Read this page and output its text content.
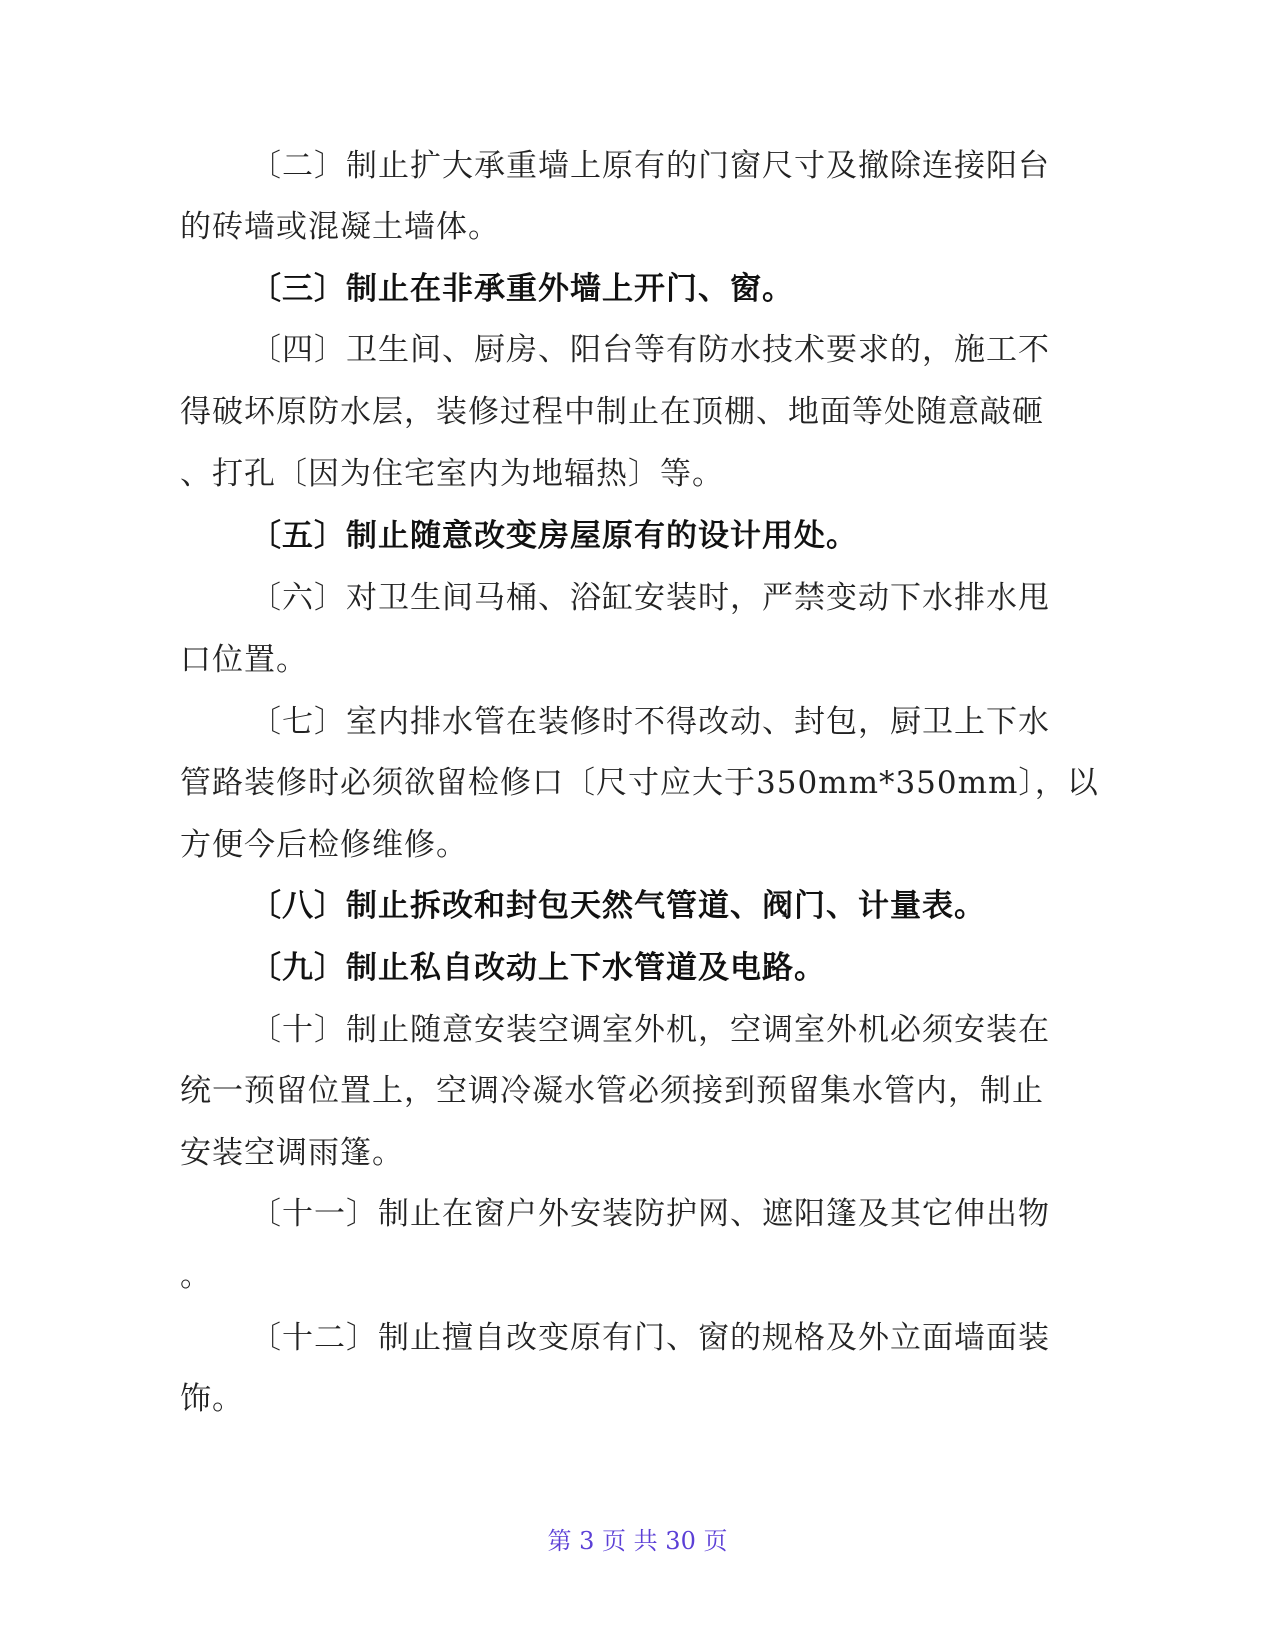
〔二〕制止扩大承重墙上原有的门窗尺寸及撤除连接阳台
的砖墙或混凝土墙体。
〔三〕制止在非承重外墙上开门、窗。
〔四〕卫生间、厨房、阳台等有防水技术要求的，施工不
得破坏原防水层，装修过程中制止在顶棚、地面等处随意敲砸
、打孔〔因为住宅室内为地辐热〕等。
〔五〕制止随意改变房屋原有的设计用处。
〔六〕对卫生间马桶、浴缸安装时，严禁变动下水排水甩
口位置。
〔七〕室内排水管在装修时不得改动、封包，厨卫上下水
管路装修时必须欲留检修口〔尺寸应大于350mm*350mm〕，以
方便今后检修维修。
〔八〕制止拆改和封包天然气管道、阀门、计量表。
〔九〕制止私自改动上下水管道及电路。
〔十〕制止随意安装空调室外机，空调室外机必须安装在
统一预留位置上，空调冷凝水管必须接到预留集水管内，制止
安装空调雨篷。
〔十一〕制止在窗户外安装防护网、遮阳篷及其它伸出物
。
〔十二〕制止擅自改变原有门、窗的规格及外立面墙面装
饰。
第 3 页 共 30 页
